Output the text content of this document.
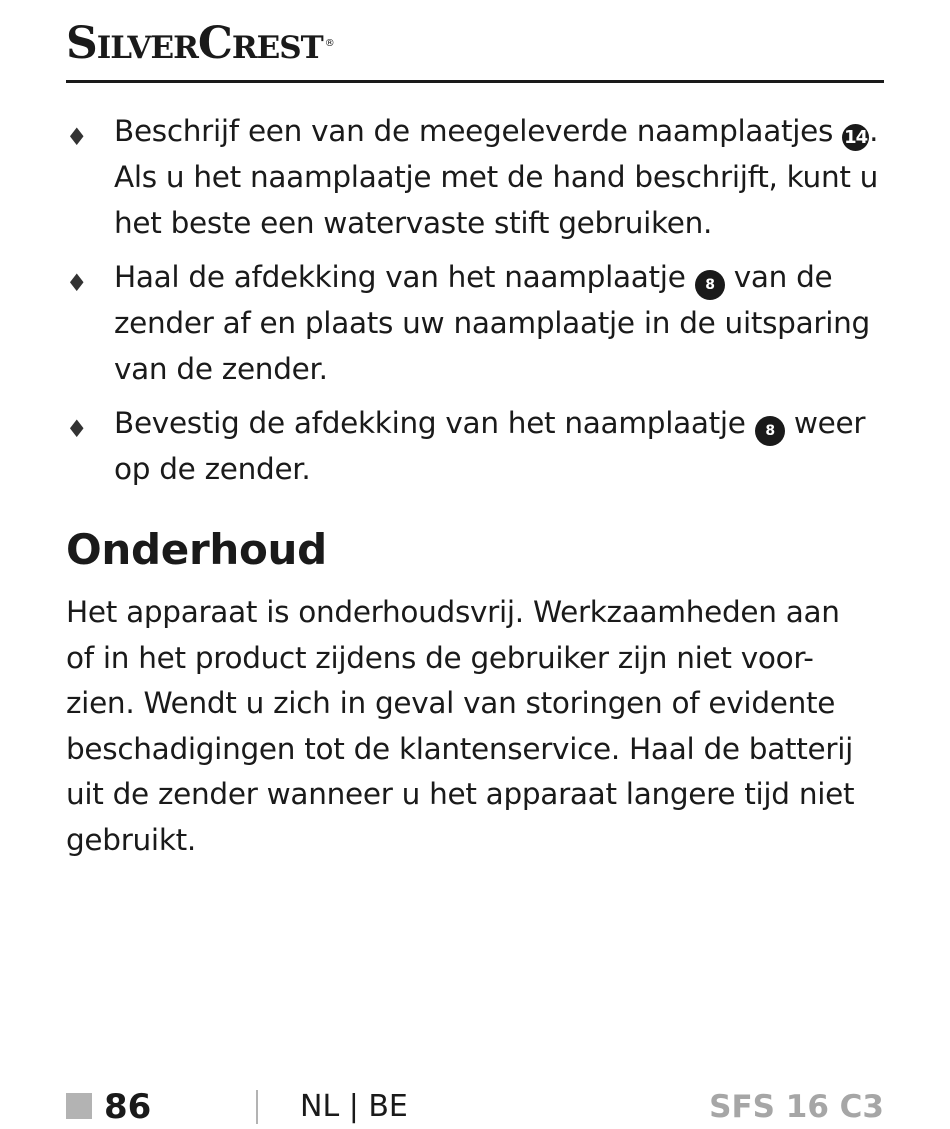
SILVERCREST ®
♦ Beschrijf een van de meegeleverde naamplaatjes 14.
Als u het naamplaatje met de hand beschrijft, kunt u
het beste een watervaste stift gebruiken.
♦ Haal de afdekking van het naamplaatje 8 van de
zender af en plaats uw naamplaatje in de uitsparing
van de zender.
♦ Bevestig de afdekking van het naamplaatje 8 weer
op de zender.
Onderhoud
Het apparaat is onderhoudsvrij. Werkzaamheden aan
of in het product zijdens de gebruiker zijn niet voor-
zien. Wendt u zich in geval van storingen of evidente
beschadigingen tot de klantenservice. Haal de batterij
uit de zender wanneer u het apparaat langere tijd niet
gebruikt.
86	NL | BE	SFS 16 C3
